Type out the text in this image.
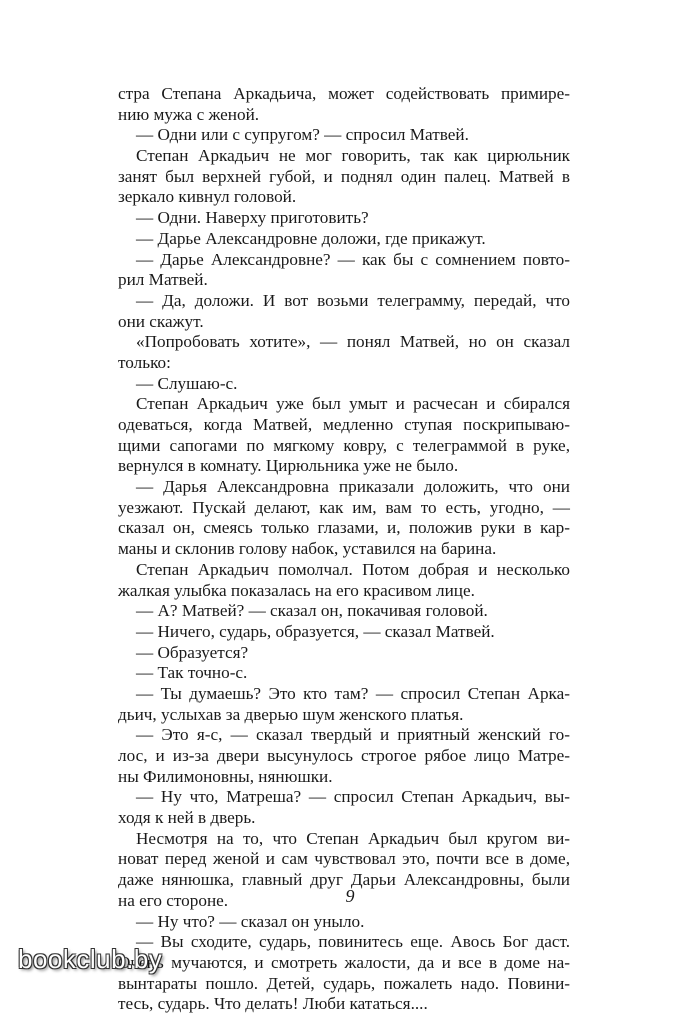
стра Степана Аркадьича, может содействовать примире-
нию мужа с женой.
— Одни или с супругом? — спросил Матвей.
Степан Аркадьич не мог говорить, так как цирюльник
занят был верхней губой, и поднял один палец. Матвей в
зеркало кивнул головой.
— Одни. Наверху приготовить?
— Дарье Александровне доложи, где прикажут.
— Дарье Александровне? — как бы с сомнением повто-
рил Матвей.
— Да, доложи. И вот возьми телеграмму, передай, что
они скажут.
«Попробовать хотите», — понял Матвей, но он сказал
только:
— Слушаю-с.
Степан Аркадьич уже был умыт и расчесан и сбирался
одеваться, когда Матвей, медленно ступая поскрипываю-
щими сапогами по мягкому ковру, с телеграммой в руке,
вернулся в комнату. Цирюльника уже не было.
— Дарья Александровна приказали доложить, что они
уезжают. Пускай делают, как им, вам то есть, угодно, —
сказал он, смеясь только глазами, и, положив руки в кар-
маны и склонив голову набок, уставился на барина.
Степан Аркадьич помолчал. Потом добрая и несколько
жалкая улыбка показалась на его красивом лице.
— А? Матвей? — сказал он, покачивая головой.
— Ничего, сударь, образуется, — сказал Матвей.
— Образуется?
— Так точно-с.
— Ты думаешь? Это кто там? — спросил Степан Арка-
дьич, услыхав за дверью шум женского платья.
— Это я-с, — сказал твердый и приятный женский го-
лос, и из-за двери высунулось строгое рябое лицо Матре-
ны Филимоновны, нянюшки.
— Ну что, Матреша? — спросил Степан Аркадьич, вы-
ходя к ней в дверь.
Несмотря на то, что Степан Аркадьич был кругом ви-
новат перед женой и сам чувствовал это, почти все в доме,
даже нянюшка, главный друг Дарьи Александровны, были
на его стороне.
— Ну что? — сказал он уныло.
— Вы сходите, сударь, повинитесь еще. Авось Бог даст.
Очень мучаются, и смотреть жалости, да и все в доме на-
вынтараты пошло. Детей, сударь, пожалеть надо. Повини-
тесь, сударь. Что делать! Люби кататься....
9
bookclub.by
